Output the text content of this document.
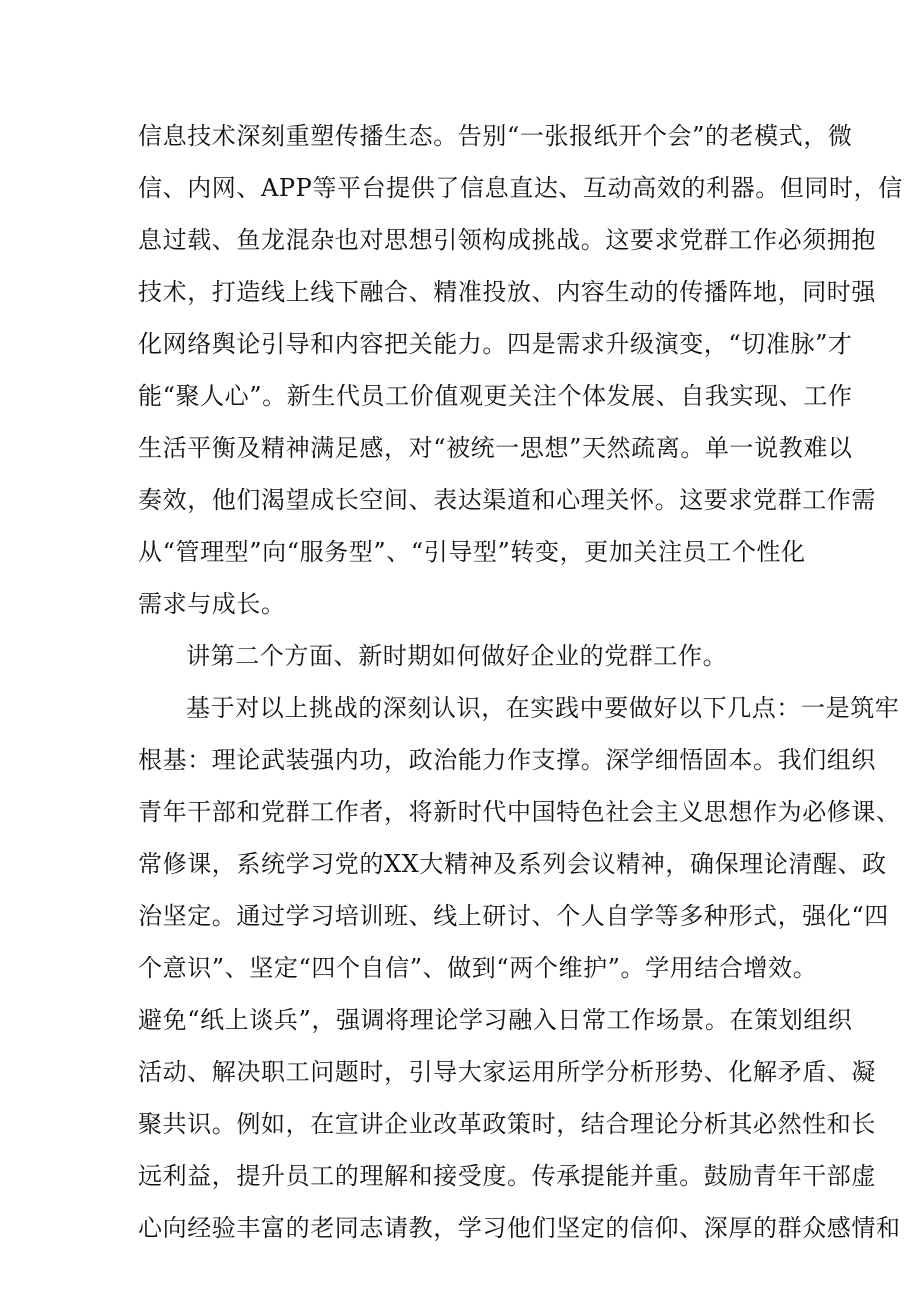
信息技术深刻重塑传播生态。告别“一张报纸开个会”的老模式，微
信、内网、APP等平台提供了信息直达、互动高效的利器。但同时，信
息过载、鱼龙混杂也对思想引领构成挑战。这要求党群工作必须拥抱
技术，打造线上线下融合、精准投放、内容生动的传播阵地，同时强
化网络舆论引导和内容把关能力。四是需求升级演变，“切准脉”才
能“聚人心”。新生代员工价值观更关注个体发展、自我实现、工作
生活平衡及精神满足感，对“被统一思想”天然疏离。单一说教难以
奏效，他们渴望成长空间、表达渠道和心理关怀。这要求党群工作需
从“管理型”向“服务型”、“引导型”转变，更加关注员工个性化
需求与成长。
讲第二个方面、新时期如何做好企业的党群工作。
基于对以上挑战的深刻认识，在实践中要做好以下几点：一是筑牢
根基：理论武装强内功，政治能力作支撑。深学细悟固本。我们组织
青年干部和党群工作者，将新时代中国特色社会主义思想作为必修课、
常修课，系统学习党的XX大精神及系列会议精神，确保理论清醒、政
治坚定。通过学习培训班、线上研讨、个人自学等多种形式，强化“四
个意识”、坚定“四个自信”、做到“两个维护”。学用结合增效。
避免“纸上谈兵”，强调将理论学习融入日常工作场景。在策划组织
活动、解决职工问题时，引导大家运用所学分析形势、化解矛盾、凝
聚共识。例如，在宣讲企业改革政策时，结合理论分析其必然性和长
远利益，提升员工的理解和接受度。传承提能并重。鼓励青年干部虚
心向经验丰富的老同志请教，学习他们坚定的信仰、深厚的群众感情和
